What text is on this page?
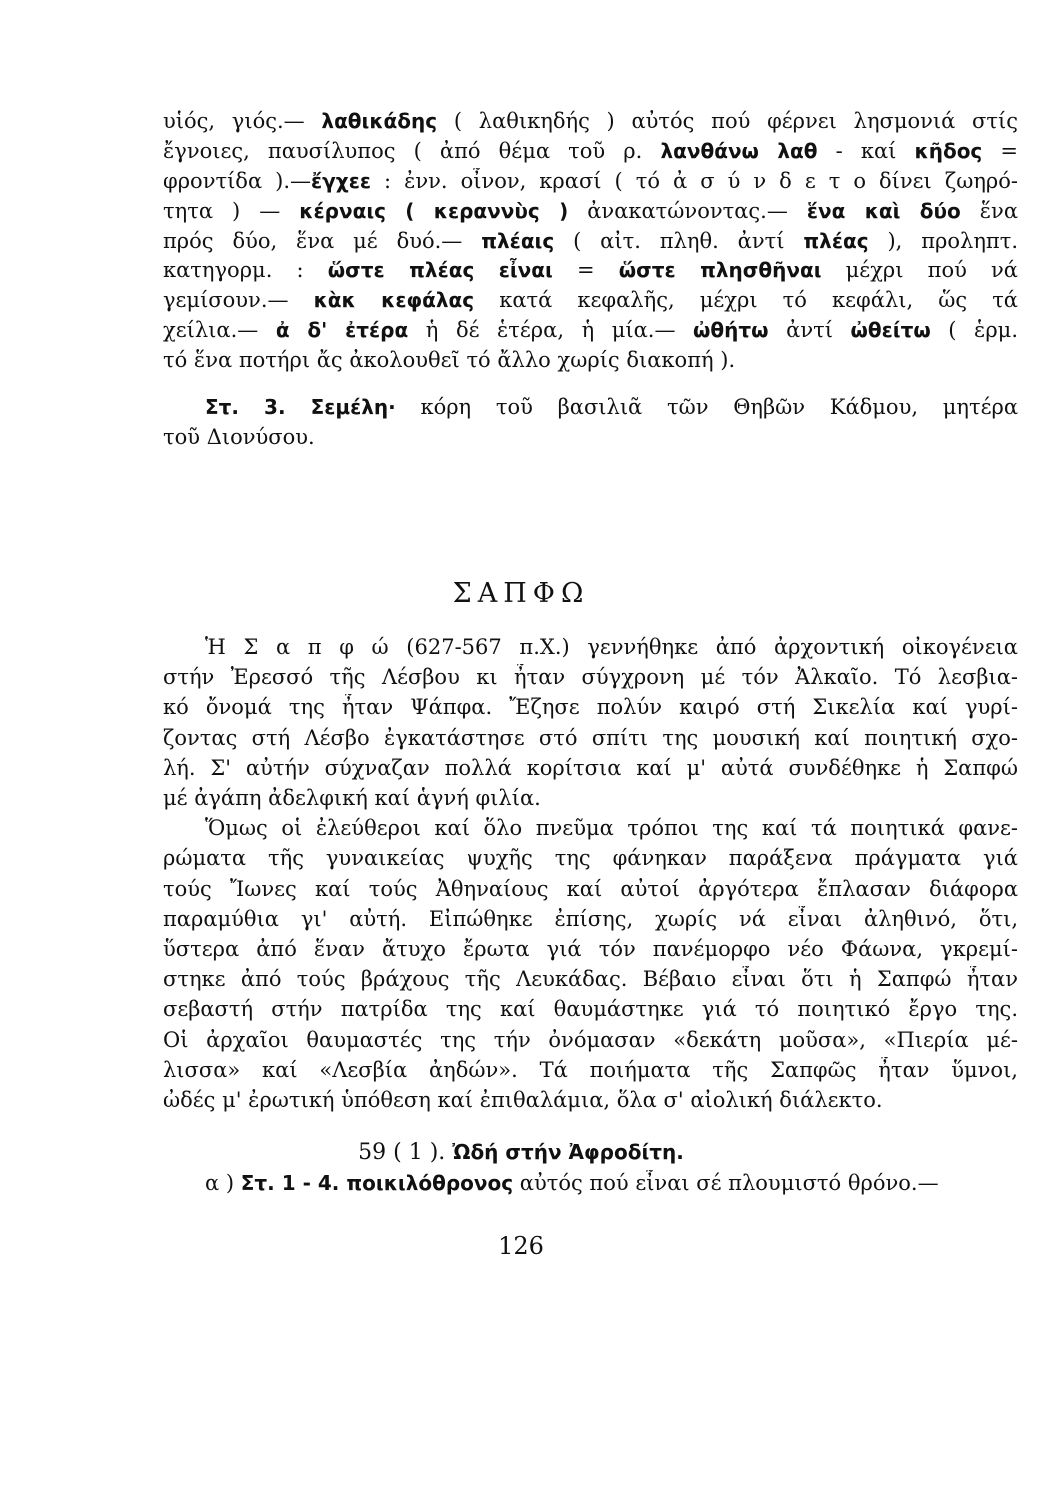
υἱός, γιός.— λαθικάδης ( λαθικηδής ) αὐτός πού φέρνει λησμονιά στίς
ἔγνοιες, παυσίλυπος ( ἀπό θέμα τοῦ ρ. λανθάνω λαθ - καί κῆδος =
φροντίδα ).—ἔγχεε : ἐνν. οἶνον, κρασί ( τό ἀ σ ύ ν δ ε τ ο δίνει ζωηρό-
τητα ) — κέρναις ( κεραννὺς ) ἀνακατώνοντας.— ἕνα καὶ δύο ἕνα
πρός δύο, ἕνα μέ δυό.— πλέαις ( αἰτ. πληθ. ἀντί πλέας ), προληπτ.
κατηγορμ. : ὥστε πλέας εἶναι = ὥστε πλησθῆναι μέχρι πού νά
γεμίσουν.— κὰκ κεφάλας κατά κεφαλῆς, μέχρι τό κεφάλι, ὥς τά
χείλια.— ἀ δ' ἐτέρα ἡ δέ ἑτέρα, ἡ μία.— ὠθήτω ἀντί ὠθείτω ( ἑρμ.
τό ἕνα ποτήρι ἄς ἀκολουθεῖ τό ἄλλο χωρίς διακοπή ).
Στ. 3. Σεμέλη· κόρη τοῦ βασιλιᾶ τῶν Θηβῶν Κάδμου, μητέρα
τοῦ Διονύσου.
ΣΑΠΦΩ
Ἡ Σ α π φ ώ (627-567 π.Χ.) γεννήθηκε ἀπό ἀρχοντική οἰκογένεια
στήν Ἐρεσσό τῆς Λέσβου κι ἦταν σύγχρονη μέ τόν Ἀλκαῖο. Τό λεσβια-
κό ὄνομά της ἦταν Ψάπφα. Ἔζησε πολύν καιρό στή Σικελία καί γυρί-
ζοντας στή Λέσβο ἐγκατάστησε στό σπίτι της μουσική καί ποιητική σχο-
λή. Σ' αὐτήν σύχναζαν πολλά κορίτσια καί μ' αὐτά συνδέθηκε ἡ Σαπφώ
μέ ἀγάπη ἀδελφική καί ἁγνή φιλία.
Ὅμως οἱ ἐλεύθεροι καί ὅλο πνεῦμα τρόποι της καί τά ποιητικά φανε-
ρώματα τῆς γυναικείας ψυχῆς της φάνηκαν παράξενα πράγματα γιά
τούς Ἴωνες καί τούς Ἀθηναίους καί αὐτοί ἀργότερα ἔπλασαν διάφορα
παραμύθια γι' αὐτή. Εἰπώθηκε ἐπίσης, χωρίς νά εἶναι ἀληθινό, ὅτι,
ὕστερα ἀπό ἕναν ἄτυχο ἔρωτα γιά τόν πανέμορφο νέο Φάωνα, γκρεμί-
στηκε ἀπό τούς βράχους τῆς Λευκάδας. Βέβαιο εἶναι ὅτι ἡ Σαπφώ ἦταν
σεβαστή στήν πατρίδα της καί θαυμάστηκε γιά τό ποιητικό ἔργο της.
Οἱ ἀρχαῖοι θαυμαστές της τήν ὀνόμασαν «δεκάτη μοῦσα», «Πιερία μέ-
λισσα» καί «Λεσβία ἀηδών». Τά ποιήματα τῆς Σαπφῶς ἦταν ὕμνοι,
ὠδές μ' ἐρωτική ὑπόθεση καί ἐπιθαλάμια, ὅλα σ' αἰολική διάλεκτο.
59 ( 1 ). Ὠδή στήν Ἀφροδίτη.
α ) Στ. 1 - 4. ποικιλόθρονος αὐτός πού εἶναι σέ πλουμιστό θρόνο.—
126
